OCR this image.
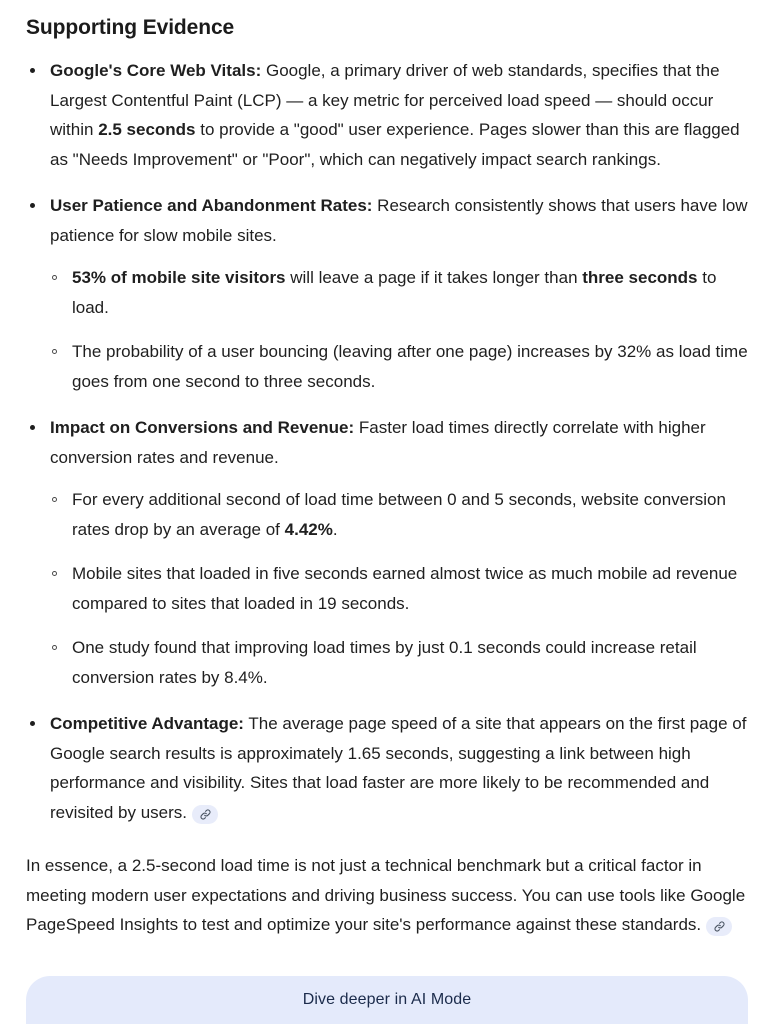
Supporting Evidence
Google's Core Web Vitals: Google, a primary driver of web standards, specifies that the Largest Contentful Paint (LCP) — a key metric for perceived load speed — should occur within 2.5 seconds to provide a "good" user experience. Pages slower than this are flagged as "Needs Improvement" or "Poor", which can negatively impact search rankings.
User Patience and Abandonment Rates: Research consistently shows that users have low patience for slow mobile sites.
53% of mobile site visitors will leave a page if it takes longer than three seconds to load.
The probability of a user bouncing (leaving after one page) increases by 32% as load time goes from one second to three seconds.
Impact on Conversions and Revenue: Faster load times directly correlate with higher conversion rates and revenue.
For every additional second of load time between 0 and 5 seconds, website conversion rates drop by an average of 4.42%.
Mobile sites that loaded in five seconds earned almost twice as much mobile ad revenue compared to sites that loaded in 19 seconds.
One study found that improving load times by just 0.1 seconds could increase retail conversion rates by 8.4%.
Competitive Advantage: The average page speed of a site that appears on the first page of Google search results is approximately 1.65 seconds, suggesting a link between high performance and visibility. Sites that load faster are more likely to be recommended and revisited by users.

In essence, a 2.5-second load time is not just a technical benchmark but a critical factor in meeting modern user expectations and driving business success. You can use tools like Google PageSpeed Insights to test and optimize your site's performance against these standards.

Dive deeper in AI Mode
